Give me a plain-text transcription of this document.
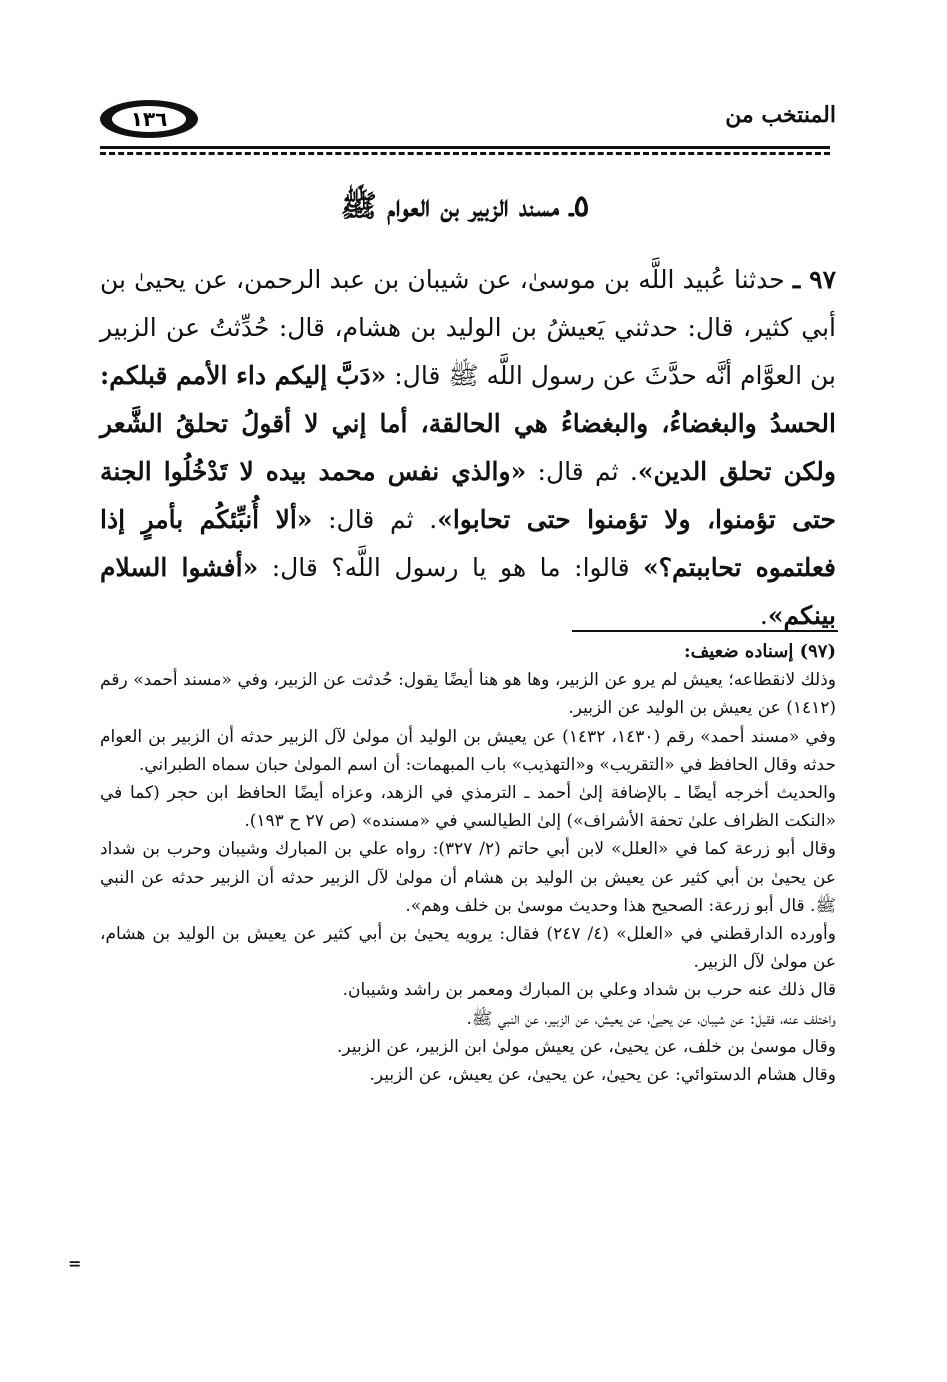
١٣٦	المنتخب من
٥ـ مسند الزبير بن العوام ﷺ

٩٧ ـ حدثنا عُبيد اللَّه بن موسىٰ، عن شيبان بن عبد الرحمن، عن يحيىٰ بن أبي كثير، قال: حدثني يَعيشُ بن الوليد بن هشام، قال: حُدِّثتُ عن الزبير بن العوَّام أنَّه حدَّثَ عن رسول اللَّه ﷺ قال: «دَبَّ إليكم داء الأمم قبلكم: الحسدُ والبغضاءُ، والبغضاءُ هي الحالقة، أما إني لا أقولُ تحلقُ الشَّعر ولكن تحلق الدين». ثم قال: «والذي نفس محمد بيده لا تَدْخُلُوا الجنة حتى تؤمنوا، ولا تؤمنوا حتى تحابوا». ثم قال: «ألا أُنبِّئكُم بأمرٍ إذا فعلتموه تحاببتم؟» قالوا: ما هو يا رسول اللَّه؟ قال: «أفشوا السلام بينكم».

(٩٧) إسناده ضعيف:

وذلك لانقطاعه؛ يعيش لم يرو عن الزبير، وها هو هنا أيضًا يقول: حُدثت عن الزبير، وفي «مسند أحمد» رقم (١٤١٢) عن يعيش بن الوليد عن الزبير.

وفي «مسند أحمد» رقم (١٤٣٠، ١٤٣٢) عن يعيش بن الوليد أن مولىٰ لآل الزبير حدثه أن الزبير بن العوام حدثه وقال الحافظ في «التقريب» و«التهذيب» باب المبهمات: أن اسم المولىٰ حبان سماه الطبراني.

والحديث أخرجه أيضًا ـ بالإضافة إلىٰ أحمد ـ الترمذي في الزهد، وعزاه أيضًا الحافظ ابن حجر (كما في «النكت الظراف علىٰ تحفة الأشراف») إلىٰ الطيالسي في «مسنده» (ص ٢٧ ح ١٩٣).

وقال أبو زرعة كما في «العلل» لابن أبي حاتم (٢/ ٣٢٧): رواه علي بن المبارك وشيبان وحرب بن شداد عن يحيىٰ بن أبي كثير عن يعيش بن الوليد بن هشام أن مولىٰ لآل الزبير حدثه أن الزبير حدثه عن النبي ﷺ. قال أبو زرعة: الصحيح هذا وحديث موسىٰ بن خلف وهم».

وأورده الدارقطني في «العلل» (٤/ ٢٤٧) فقال: يرويه يحيىٰ بن أبي كثير عن يعيش بن الوليد بن هشام، عن مولىٰ لآل الزبير.

قال ذلك عنه حرب بن شداد وعلي بن المبارك ومعمر بن راشد وشيبان.

واختلف عنه، فقيل: عن شيبان، عن يحيىٰ، عن يعيش، عن الزبير، عن النبي ﷺ.

وقال موسىٰ بن خلف، عن يحيىٰ، عن يعيش مولىٰ ابن الزبير، عن الزبير.

وقال هشام الدستوائي: عن يحيىٰ، عن يحيىٰ، عن يعيش، عن الزبير.

=
